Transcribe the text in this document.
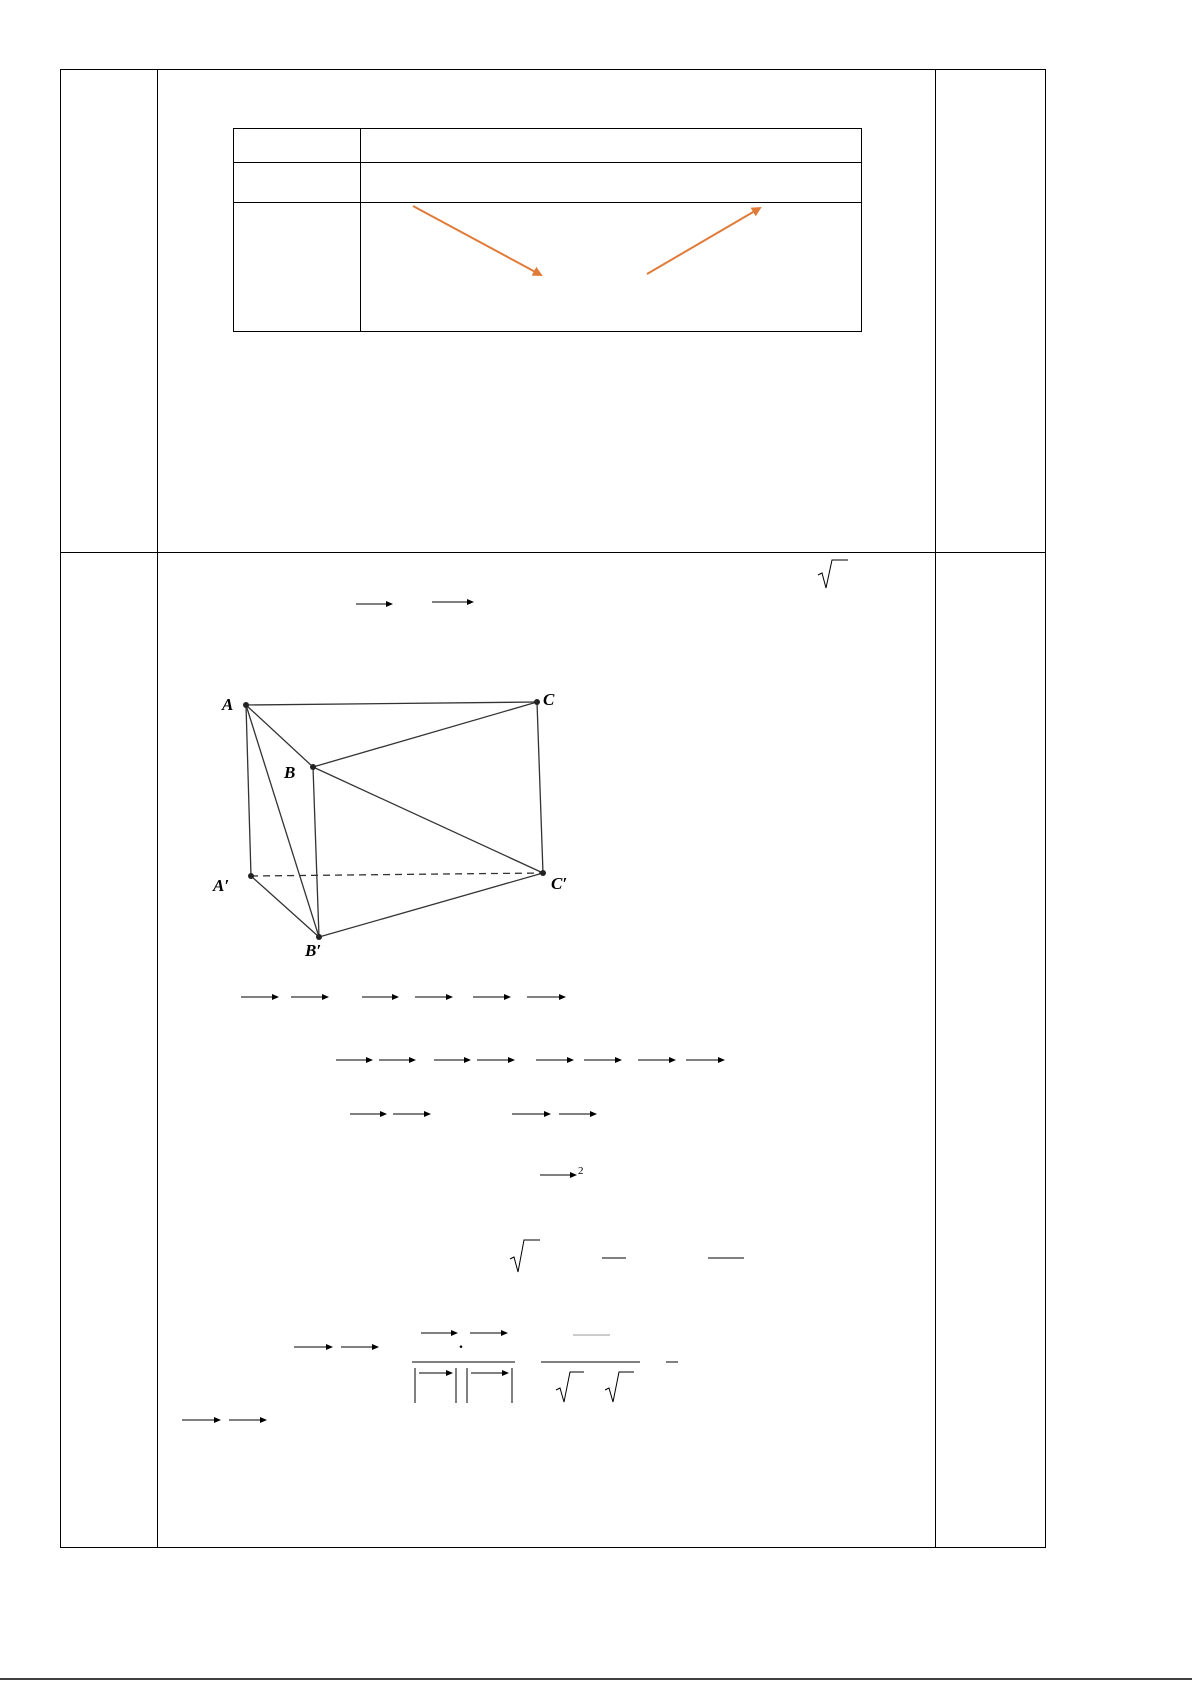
2
.
A
B
C
A′
B′
C′
